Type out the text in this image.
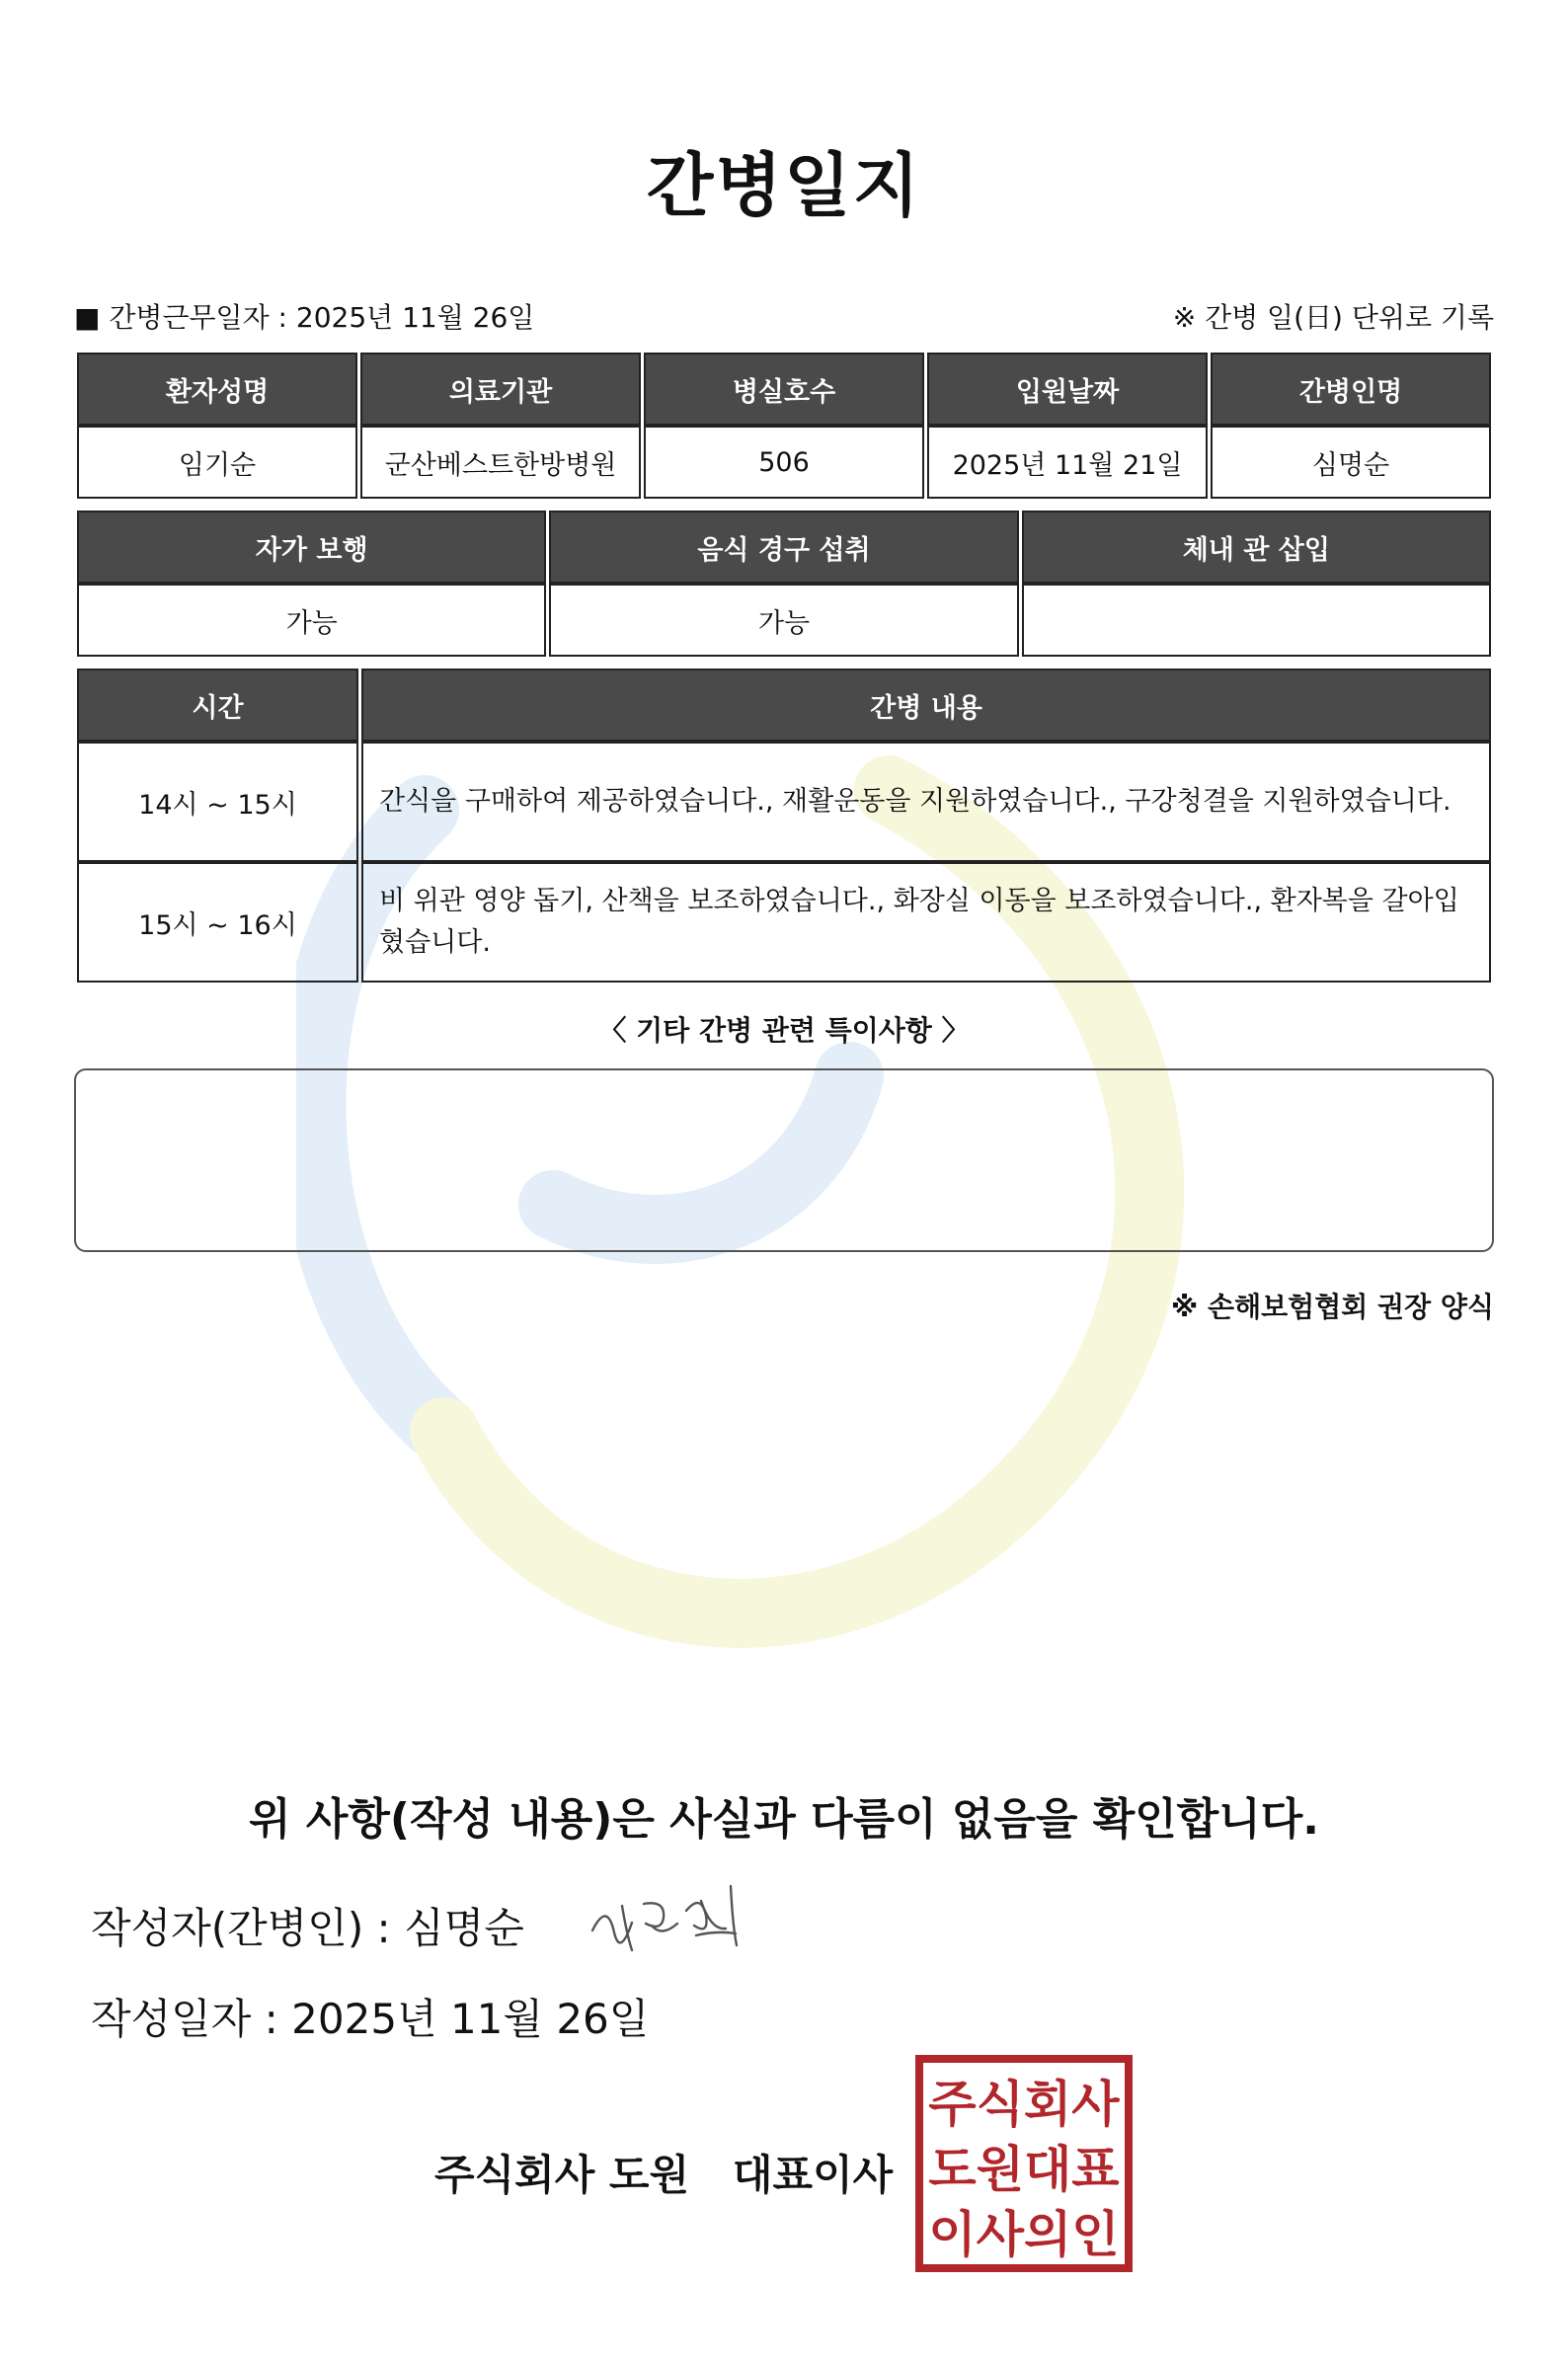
간병일지
■ 간병근무일자 : 2025년 11월 26일	※ 간병 일(日) 단위로 기록
환자성명	의료기관	병실호수	입원날짜	간병인명
임기순	군산베스트한방병원	506	2025년 11월 21일	심명순
자가 보행	음식 경구 섭취	체내 관 삽입
가능	가능	
시간	간병 내용
14시 ~ 15시	간식을 구매하여 제공하였습니다., 재활운동을 지원하였습니다., 구강청결을 지원하였습니다.
15시 ~ 16시	비 위관 영양 돕기, 산책을 보조하였습니다., 화장실 이동을 보조하였습니다., 환자복을 갈아입혔습니다.
〈 기타 간병 관련 특이사항 〉
※ 손해보험협회 권장 양식
위 사항(작성 내용)은 사실과 다름이 없음을 확인합니다.
작성자(간병인) : 심명순
작성일자 : 2025년 11월 26일
주식회사 도원   대표이사
주식회사
도원대표
이사의인
